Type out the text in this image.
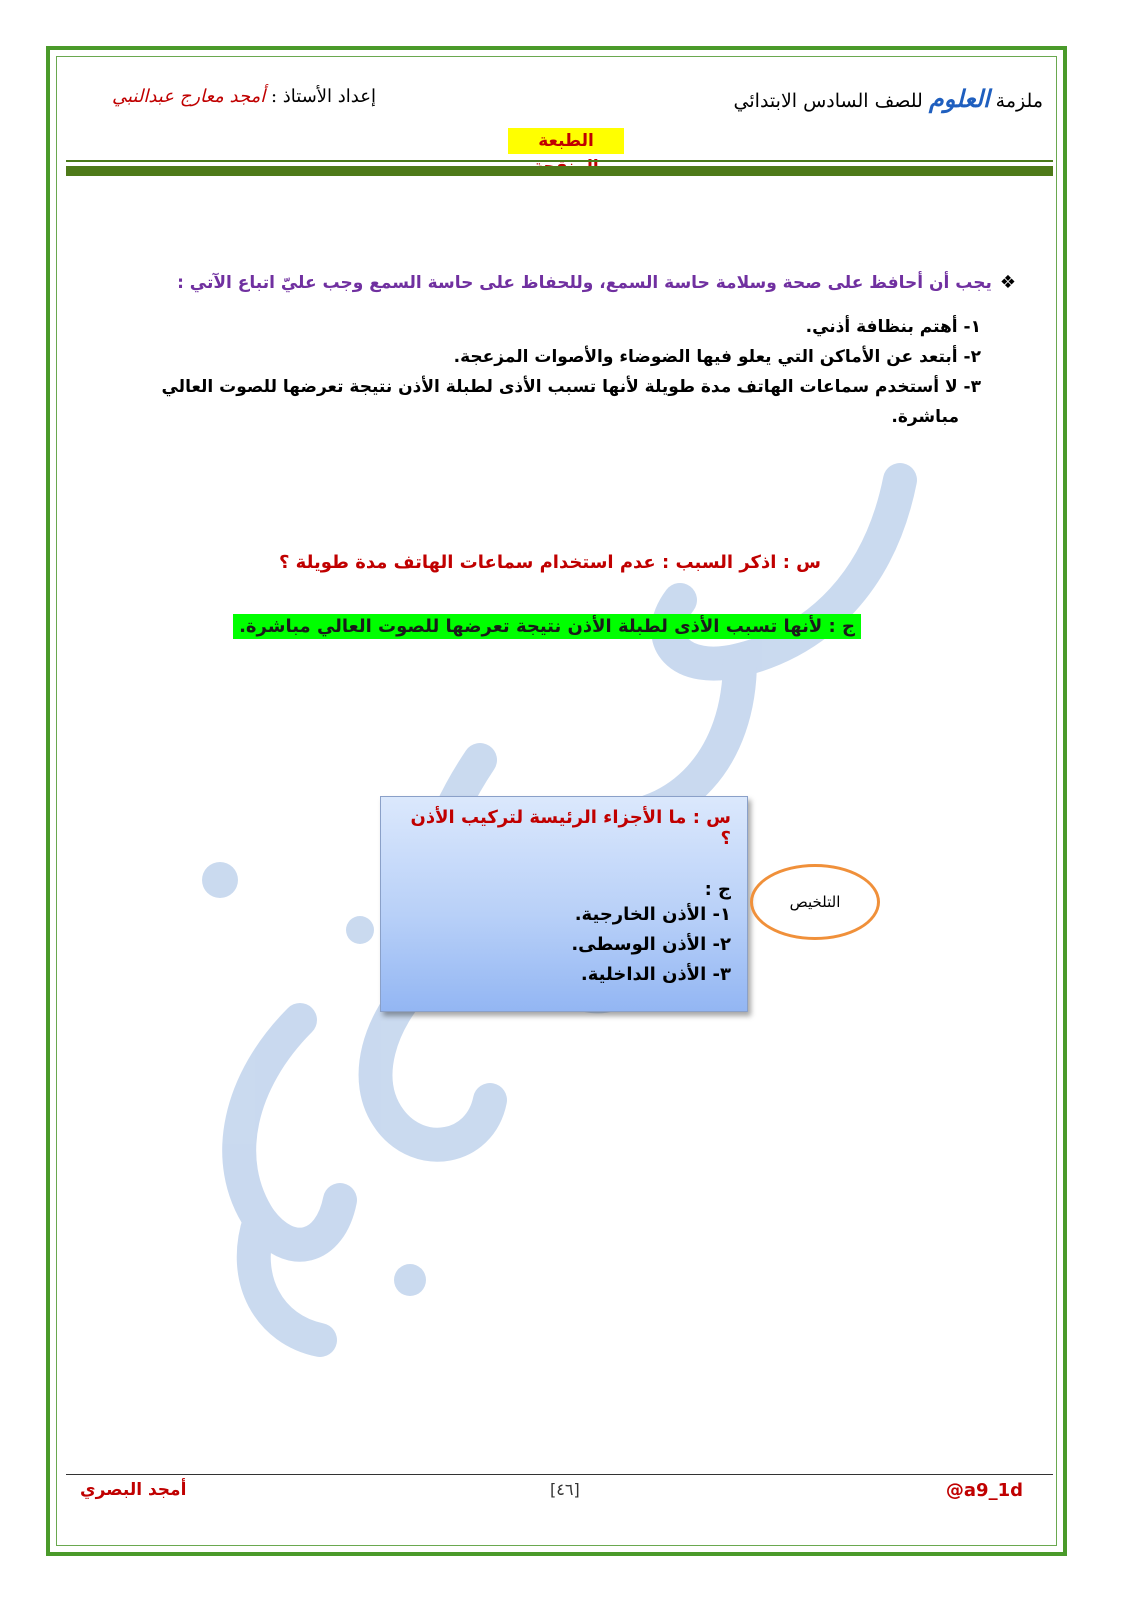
ملزمة العلوم للصف السادس الابتدائي
إعداد الأستاذ : أمجد معارج عبدالنبي
الطبعة
❖يجب أن أحافظ على صحة وسلامة حاسة السمع، وللحفاظ على حاسة السمع وجب عليّ اتباع الآتي :
١- أهتم بنظافة أذني.
٢- أبتعد عن الأماكن التي يعلو فيها الضوضاء والأصوات المزعجة.
٣- لا أستخدم سماعات الهاتف مدة طويلة لأنها تسبب الأذى لطبلة الأذن نتيجة تعرضها للصوت العالي
مباشرة.
س : اذكر السبب : عدم استخدام سماعات الهاتف مدة طويلة ؟
ج : لأنها تسبب الأذى لطبلة الأذن نتيجة تعرضها للصوت العالي مباشرة.
س : ما الأجزاء الرئيسة لتركيب الأذن ؟
ج :
١- الأذن الخارجية.
٢- الأذن الوسطى.
٣- الأذن الداخلية.
التلخيص
أمجد البصري	[٤٦]	@a9_1d
